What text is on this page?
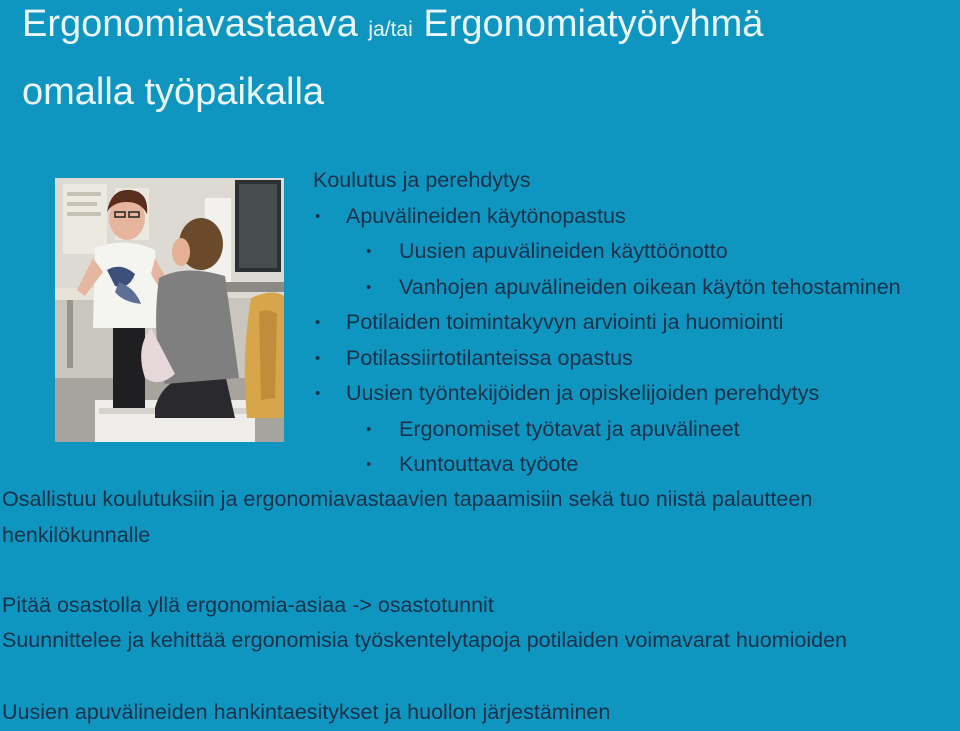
Ergonomiavastaava ja/tai Ergonomiatyöryhmä
omalla työpaikalla
Koulutus ja perehdytys
• Apuvälineiden käytönopastus
• Uusien apuvälineiden käyttöönotto
• Vanhojen apuvälineiden oikean käytön tehostaminen
• Potilaiden toimintakyvyn arviointi ja huomiointi
• Potilassiirtotilanteissa opastus
• Uusien työntekijöiden ja opiskelijoiden perehdytys
• Ergonomiset työtavat ja apuvälineet
• Kuntouttava työote

Osallistuu koulutuksiin ja ergonomiavastaavien tapaamisiin sekä tuo niistä palautteen henkilökunnalle

Pitää osastolla yllä ergonomia-asiaa -> osastotunnit

Suunnittelee ja kehittää ergonomisia työskentelytapoja potilaiden voimavarat huomioiden

Uusien apuvälineiden hankintaesitykset ja huollon järjestäminen
